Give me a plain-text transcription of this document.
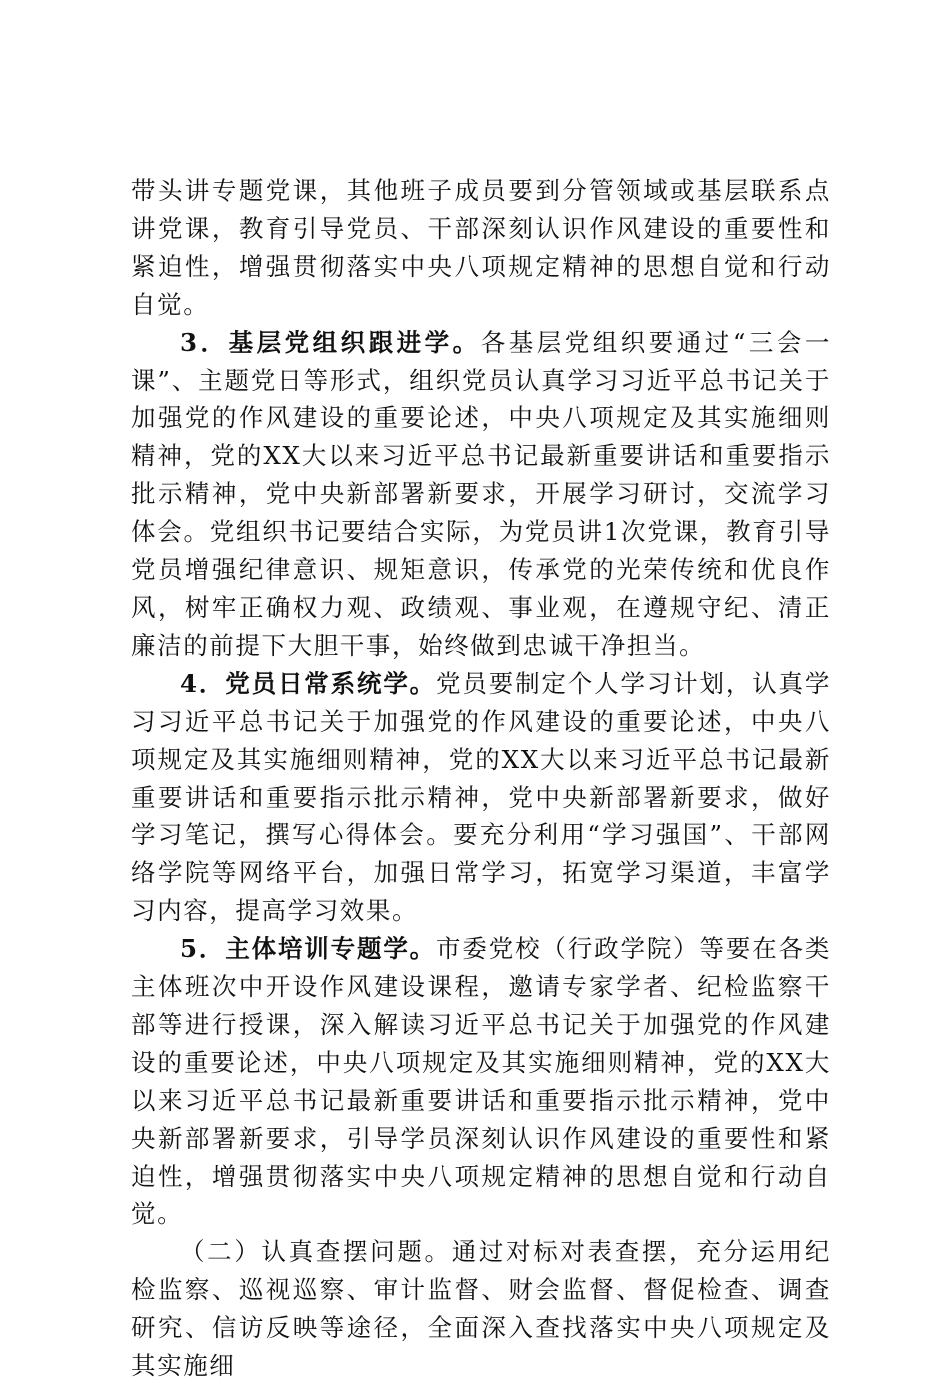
带头讲专题党课，其他班子成员要到分管领域或基层联系点讲党课，教育引导党员、干部深刻认识作风建设的重要性和紧迫性，增强贯彻落实中央八项规定精神的思想自觉和行动自觉。

3．基层党组织跟进学。各基层党组织要通过“三会一课”、主题党日等形式，组织党员认真学习习近平总书记关于加强党的作风建设的重要论述，中央八项规定及其实施细则精神，党的XX大以来习近平总书记最新重要讲话和重要指示批示精神，党中央新部署新要求，开展学习研讨，交流学习体会。党组织书记要结合实际，为党员讲1次党课，教育引导党员增强纪律意识、规矩意识，传承党的光荣传统和优良作风，树牢正确权力观、政绩观、事业观，在遵规守纪、清正廉洁的前提下大胆干事，始终做到忠诚干净担当。

4．党员日常系统学。党员要制定个人学习计划，认真学习习近平总书记关于加强党的作风建设的重要论述，中央八项规定及其实施细则精神，党的XX大以来习近平总书记最新重要讲话和重要指示批示精神，党中央新部署新要求，做好学习笔记，撰写心得体会。要充分利用“学习强国”、干部网络学院等网络平台，加强日常学习，拓宽学习渠道，丰富学习内容，提高学习效果。

5．主体培训专题学。市委党校（行政学院）等要在各类主体班次中开设作风建设课程，邀请专家学者、纪检监察干部等进行授课，深入解读习近平总书记关于加强党的作风建设的重要论述，中央八项规定及其实施细则精神，党的XX大以来习近平总书记最新重要讲话和重要指示批示精神，党中央新部署新要求，引导学员深刻认识作风建设的重要性和紧迫性，增强贯彻落实中央八项规定精神的思想自觉和行动自觉。

（二）认真查摆问题。通过对标对表查摆，充分运用纪检监察、巡视巡察、审计监督、财会监督、督促检查、调查研究、信访反映等途径，全面深入查找落实中央八项规定及其实施细
